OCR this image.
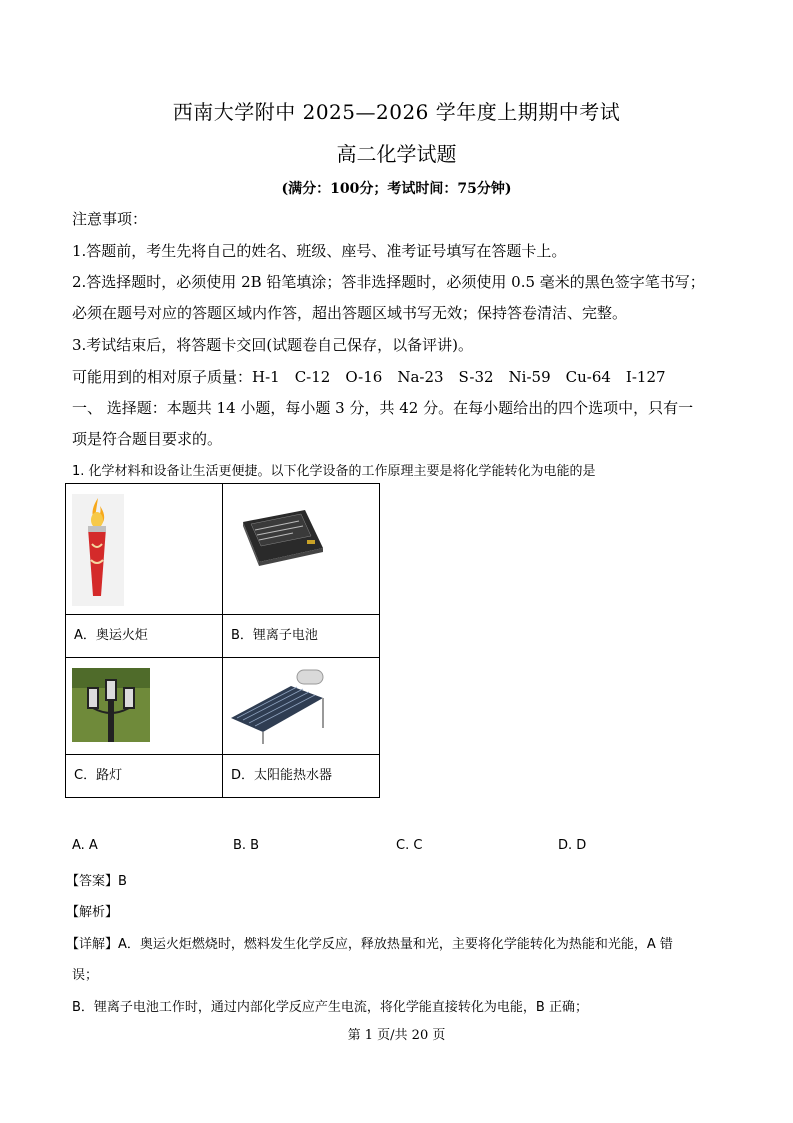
西南大学附中 2025—2026 学年度上期期中考试
高二化学试题
(满分：100分；考试时间：75分钟)
注意事项：
1.答题前，考生先将自己的姓名、班级、座号、准考证号填写在答题卡上。
2.答选择题时，必须使用 2B 铅笔填涂；答非选择题时，必须使用 0.5 毫米的黑色签字笔书写；
必须在题号对应的答题区域内作答，超出答题区域书写无效；保持答卷清洁、完整。
3.考试结束后，将答题卡交回(试题卷自己保存，以备评讲)。
可能用到的相对原子质量：H-1　C-12　O-16　Na-23　S-32　Ni-59　Cu-64　I-127
一、 选择题：本题共 14 小题，每小题 3 分，共 42 分。在每小题给出的四个选项中，只有一
项是符合题目要求的。
1. 化学材料和设备让生活更便捷。以下化学设备的工作原理主要是将化学能转化为电能的是

A．奥运火炬	B．锂离子电池

C．路灯	D．太阳能热水器
A. A	B. B	C. C	D. D
【答案】B
【解析】
【详解】A．奥运火炬燃烧时，燃料发生化学反应，释放热量和光，主要将化学能转化为热能和光能，A 错
误；
B．锂离子电池工作时，通过内部化学反应产生电流，将化学能直接转化为电能，B 正确；
第 1 页/共 20 页
